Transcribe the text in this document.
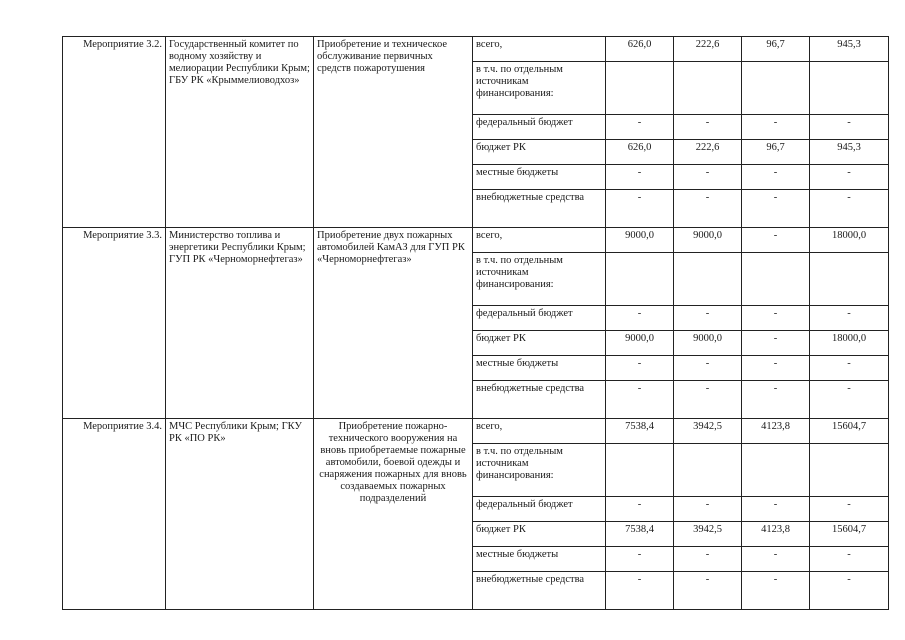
Мероприятие 3.2.	Государственный комитет по водному хозяйству и мелиорации Республики Крым; ГБУ РК «Крыммелиоводхоз»	Приобретение и техническое обслуживание первичных средств пожаротушения	всего,	626,0	222,6	96,7	945,3
			в т.ч. по отдельным источникам финансирования:				
			федеральный бюджет	-	-	-	-
			бюджет РК	626,0	222,6	96,7	945,3
			местные бюджеты	-	-	-	-
			внебюджетные средства	-	-	-	-
Мероприятие 3.3.	Министерство топлива и энергетики Республики Крым; ГУП РК «Черноморнефтегаз»	Приобретение двух пожарных автомобилей КамАЗ для ГУП РК «Черноморнефтегаз»	всего,	9000,0	9000,0	-	18000,0
			в т.ч. по отдельным источникам финансирования:				
			федеральный бюджет	-	-	-	-
			бюджет РК	9000,0	9000,0	-	18000,0
			местные бюджеты	-	-	-	-
			внебюджетные средства	-	-	-	-
Мероприятие 3.4.	МЧС Республики Крым; ГКУ РК «ПО РК»	Приобретение пожарно-технического вооружения на вновь приобретаемые пожарные автомобили, боевой одежды и снаряжения пожарных для вновь создаваемых пожарных подразделений	всего,	7538,4	3942,5	4123,8	15604,7
			в т.ч. по отдельным источникам финансирования:				
			федеральный бюджет	-	-	-	-
			бюджет РК	7538,4	3942,5	4123,8	15604,7
			местные бюджеты	-	-	-	-
			внебюджетные средства	-	-	-	-
